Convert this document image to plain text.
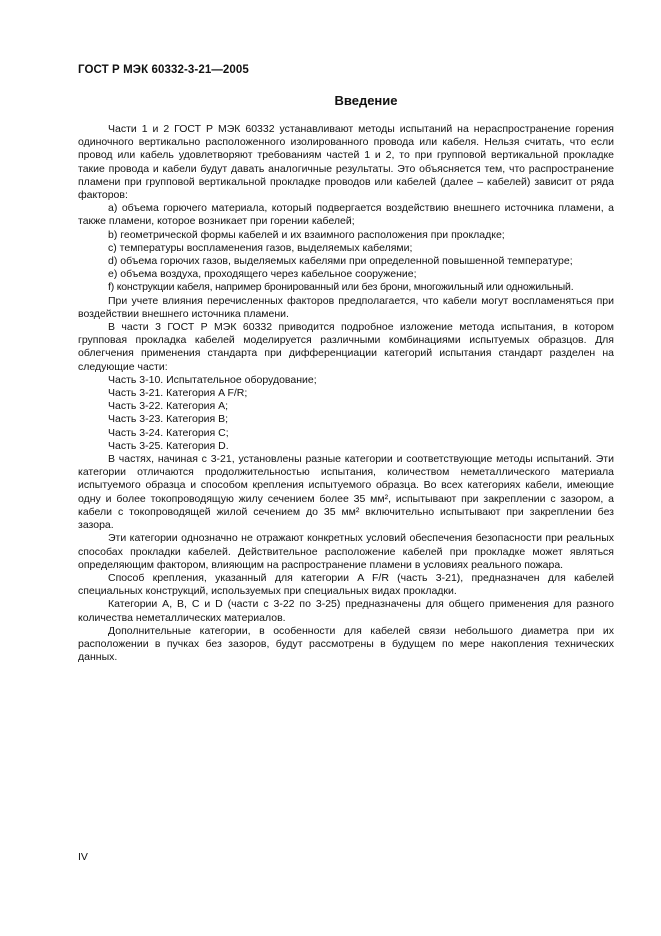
ГОСТ Р МЭК 60332-3-21—2005
Введение

Части 1 и 2 ГОСТ Р МЭК 60332 устанавливают методы испытаний на нераспространение горения одиночного вертикально расположенного изолированного провода или кабеля. Нельзя считать, что если провод или кабель удовлетворяют требованиям частей 1 и 2, то при групповой вертикальной прокладке такие провода и кабели будут давать аналогичные результаты. Это объясняется тем, что распространение пламени при групповой вертикальной прокладке проводов или кабелей (далее – кабелей) зависит от ряда факторов:

a) объема горючего материала, который подвергается воздействию внешнего источника пламени, а также пламени, которое возникает при горении кабелей;

b) геометрической формы кабелей и их взаимного расположения при прокладке;

c) температуры воспламенения газов, выделяемых кабелями;

d) объема горючих газов, выделяемых кабелями при определенной повышенной температуре;

e) объема воздуха, проходящего через кабельное сооружение;

f) конструкции кабеля, например бронированный или без брони, многожильный или одножильный.

При учете влияния перечисленных факторов предполагается, что кабели могут воспламеняться при воздействии внешнего источника пламени.

В части 3 ГОСТ Р МЭК 60332 приводится подробное изложение метода испытания, в котором групповая прокладка кабелей моделируется различными комбинациями испытуемых образцов. Для облегчения применения стандарта при дифференциации категорий испытания стандарт разделен на следующие части:

Часть 3-10. Испытательное оборудование;

Часть 3-21. Категория A F/R;

Часть 3-22. Категория А;

Часть 3-23. Категория В;

Часть 3-24. Категория С;

Часть 3-25. Категория D.

В частях, начиная с 3-21, установлены разные категории и соответствующие методы испытаний. Эти категории отличаются продолжительностью испытания, количеством неметаллического материала испытуемого образца и способом крепления испытуемого образца. Во всех категориях кабели, имеющие одну и более токопроводящую жилу сечением более 35 мм², испытывают при закреплении с зазором, а кабели с токопроводящей жилой сечением до 35 мм² включительно испытывают при закреплении без зазора.

Эти категории однозначно не отражают конкретных условий обеспечения безопасности при реальных способах прокладки кабелей. Действительное расположение кабелей при прокладке может являться определяющим фактором, влияющим на распространение пламени в условиях реального пожара.

Способ крепления, указанный для категории A F/R (часть 3-21), предназначен для кабелей специальных конструкций, используемых при специальных видах прокладки.

Категории А, В, С и D (части с 3-22 по 3-25) предназначены для общего применения для разного количества неметаллических материалов.

Дополнительные категории, в особенности для кабелей связи небольшого диаметра при их расположении в пучках без зазоров, будут рассмотрены в будущем по мере накопления технических данных.

IV
